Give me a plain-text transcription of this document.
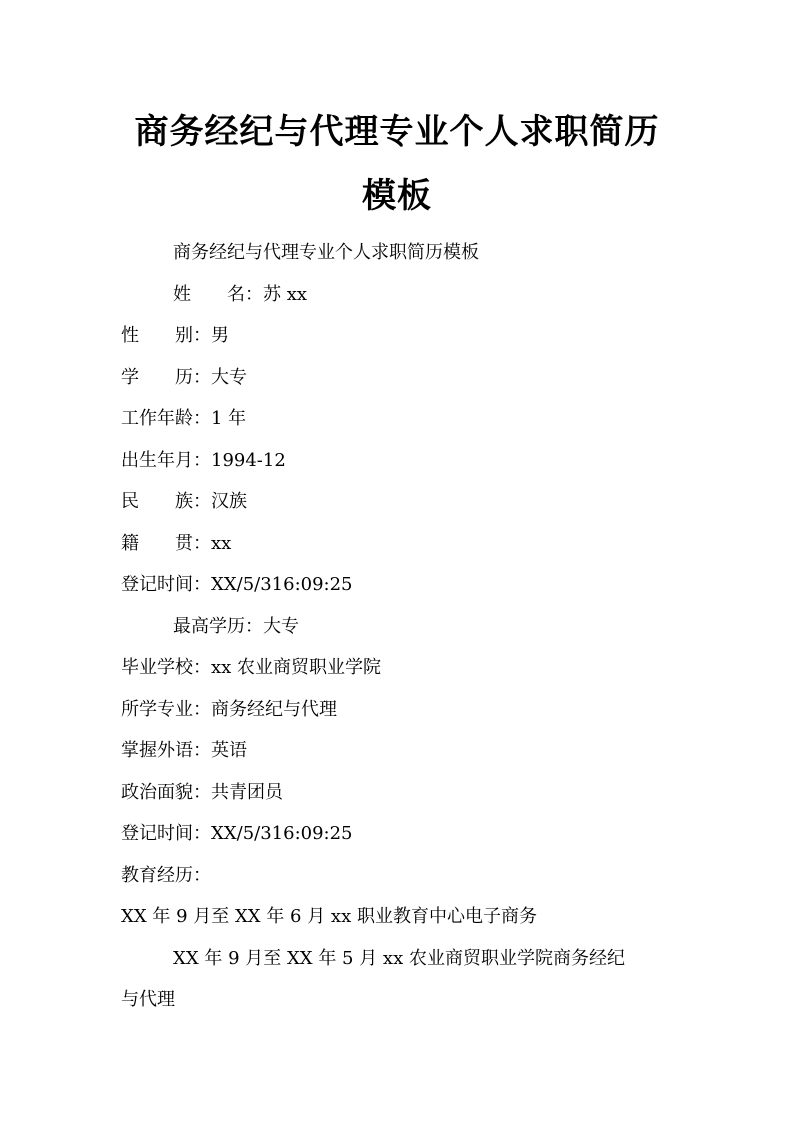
商务经纪与代理专业个人求职简历
模板

商务经纪与代理专业个人求职简历模板

姓　　名：苏 xx

性　　别：男

学　　历：大专

工作年龄：1 年

出生年月：1994-12

民　　族：汉族

籍　　贯：xx

登记时间：XX/5/316:09:25

最高学历：大专

毕业学校：xx 农业商贸职业学院

所学专业：商务经纪与代理

掌握外语：英语

政治面貌：共青团员

登记时间：XX/5/316:09:25

教育经历：

XX 年 9 月至 XX 年 6 月 xx 职业教育中心电子商务

XX 年 9 月至 XX 年 5 月 xx 农业商贸职业学院商务经纪

与代理
